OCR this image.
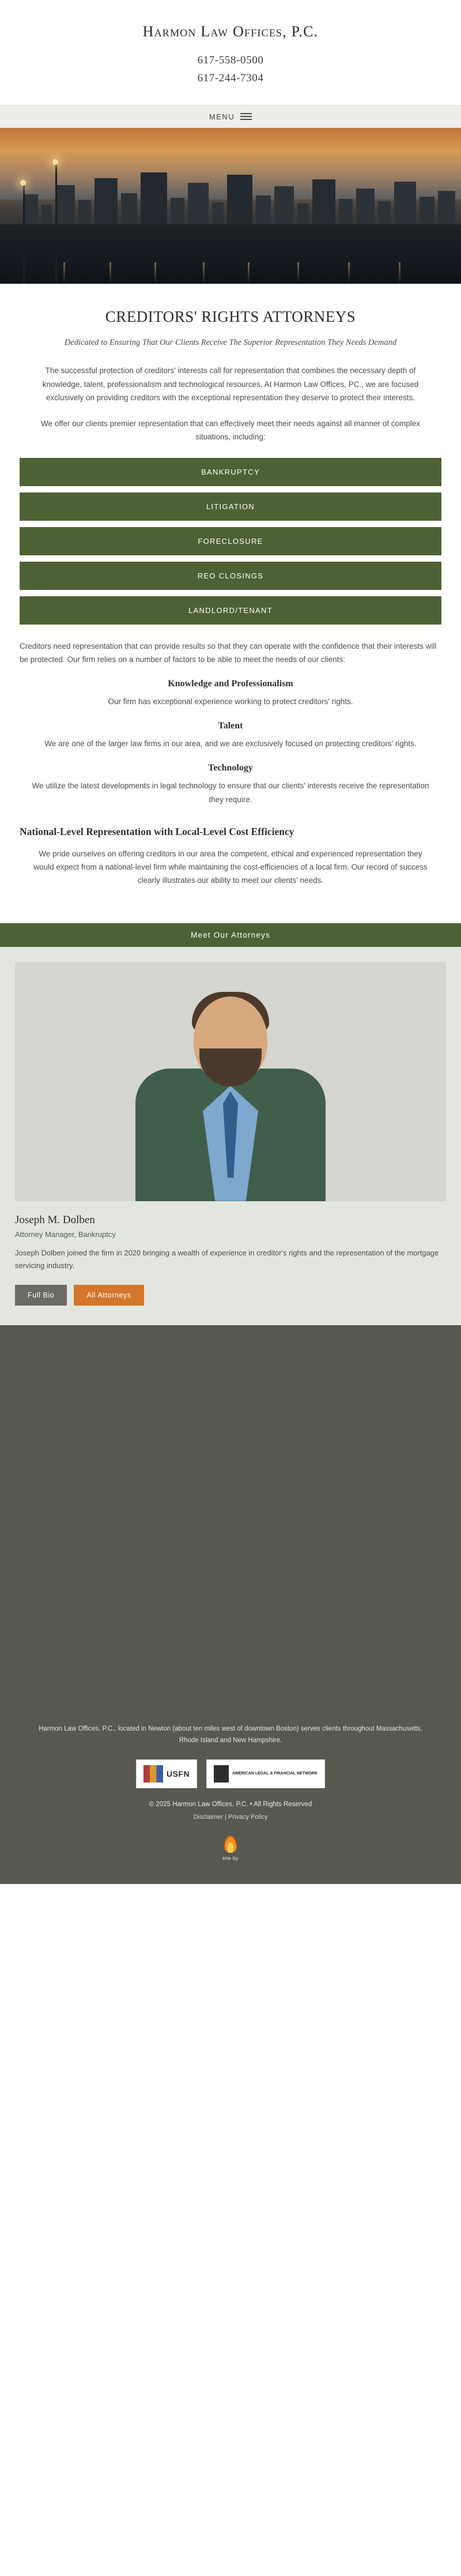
Harmon Law Offices, P.C.
617-558-0500
617-244-7304
MENU
CREDITORS' RIGHTS ATTORNEYS
Dedicated to Ensuring That Our Clients Receive The Superior Representation They Needs Demand

The successful protection of creditors' interests call for representation that combines the necessary depth of knowledge, talent, professionalism and technological resources. At Harmon Law Offices, PC., we are focused exclusively on providing creditors with the exceptional representation they deserve to protect their interests.

We offer our clients premier representation that can effectively meet their needs against all manner of complex situations, including:

BANKRUPTCY
LITIGATION
FORECLOSURE
REO CLOSINGS
LANDLORD/TENANT

Creditors need representation that can provide results so that they can operate with the confidence that their interests will be protected. Our firm relies on a number of factors to be able to meet the needs of our clients:

Knowledge and Professionalism

Our firm has exceptional experience working to protect creditors' rights.

Talent

We are one of the larger law firms in our area, and we are exclusively focused on protecting creditors' rights.

Technology

We utilize the latest developments in legal technology to ensure that our clients' interests receive the representation they require.

National-Level Representation with Local-Level Cost Efficiency

We pride ourselves on offering creditors in our area the competent, ethical and experienced representation they would expect from a national-level firm while maintaining the cost-efficiencies of a local firm. Our record of success clearly illustrates our ability to meet our clients' needs.

Meet Our Attorneys
Joseph M. Dolben
Attorney Manager, Bankruptcy
Joseph Dolben joined the firm in 2020 bringing a wealth of experience in creditor's rights and the representation of the mortgage servicing industry.
Full Bio	All Attorneys
Harmon Law Offices, P.C., located in Newton (about ten miles west of downtown Boston) serves clients throughout Massachusetts, Rhode Island and New Hampshire.
USFN	AMERICAN LEGAL & FINANCIAL NETWORK
© 2025 Harmon Law Offices, P.C. • All Rights Reserved
Disclaimer | Privacy Policy
site by
